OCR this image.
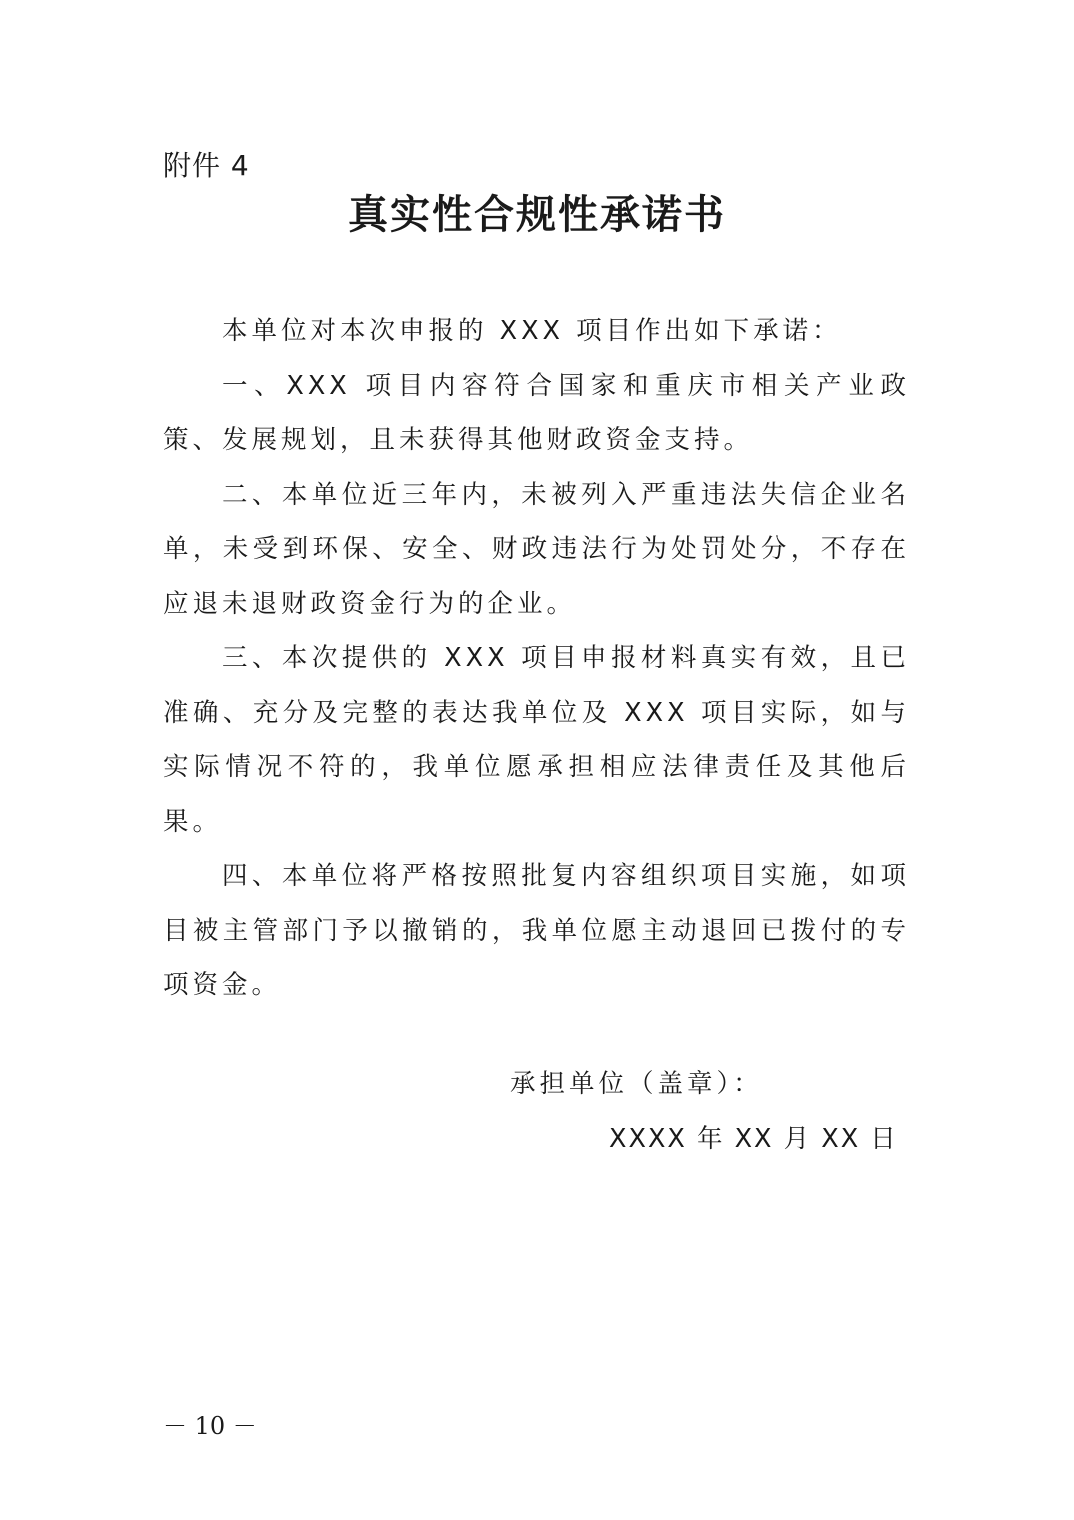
附件 4
真实性合规性承诺书

本单位对本次申报的 XXX 项目作出如下承诺：

一、XXX 项目内容符合国家和重庆市相关产业政策、发展规划，且未获得其他财政资金支持。

二、本单位近三年内，未被列入严重违法失信企业名单，未受到环保、安全、财政违法行为处罚处分，不存在应退未退财政资金行为的企业。

三、本次提供的 XXX 项目申报材料真实有效，且已准确、充分及完整的表达我单位及 XXX 项目实际，如与实际情况不符的，我单位愿承担相应法律责任及其他后果。

四、本单位将严格按照批复内容组织项目实施，如项目被主管部门予以撤销的，我单位愿主动退回已拨付的专项资金。

承担单位（盖章）：
XXXX 年 XX 月 XX 日
－ 10 －
